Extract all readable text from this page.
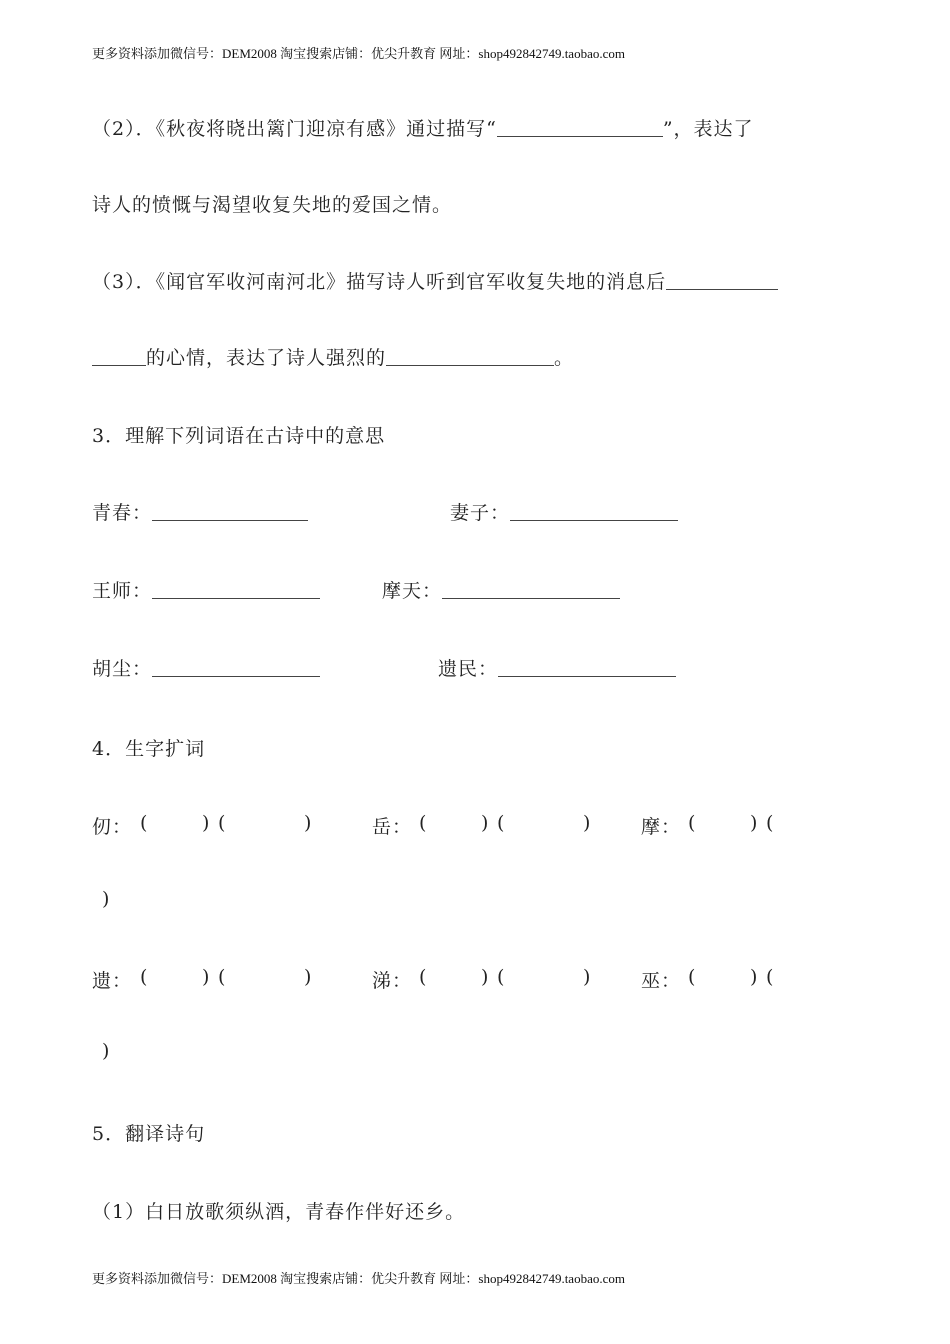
更多资料添加微信号：DEM2008 淘宝搜索店铺：优尖升教育 网址：shop492842749.taobao.com
（2）．《秋夜将晓出篱门迎凉有感》通过描写“	”，表达了
诗人的愤慨与渴望收复失地的爱国之情。
（3）．《闻官军收河南河北》描写诗人听到官军收复失地的消息后
的心情，表达了诗人强烈的	。
3．理解下列词语在古诗中的意思
青春：	妻子：
王师：	摩天：
胡尘：	遗民：
4．生字扩词
仞： (	) (	)	岳： (	) (	)	摩： (	) (
)
遗： (	) (	)	涕： (	) (	)	巫： (	) (
)
5．翻译诗句
（1）白日放歌须纵酒，青春作伴好还乡。
更多资料添加微信号：DEM2008 淘宝搜索店铺：优尖升教育 网址：shop492842749.taobao.com
